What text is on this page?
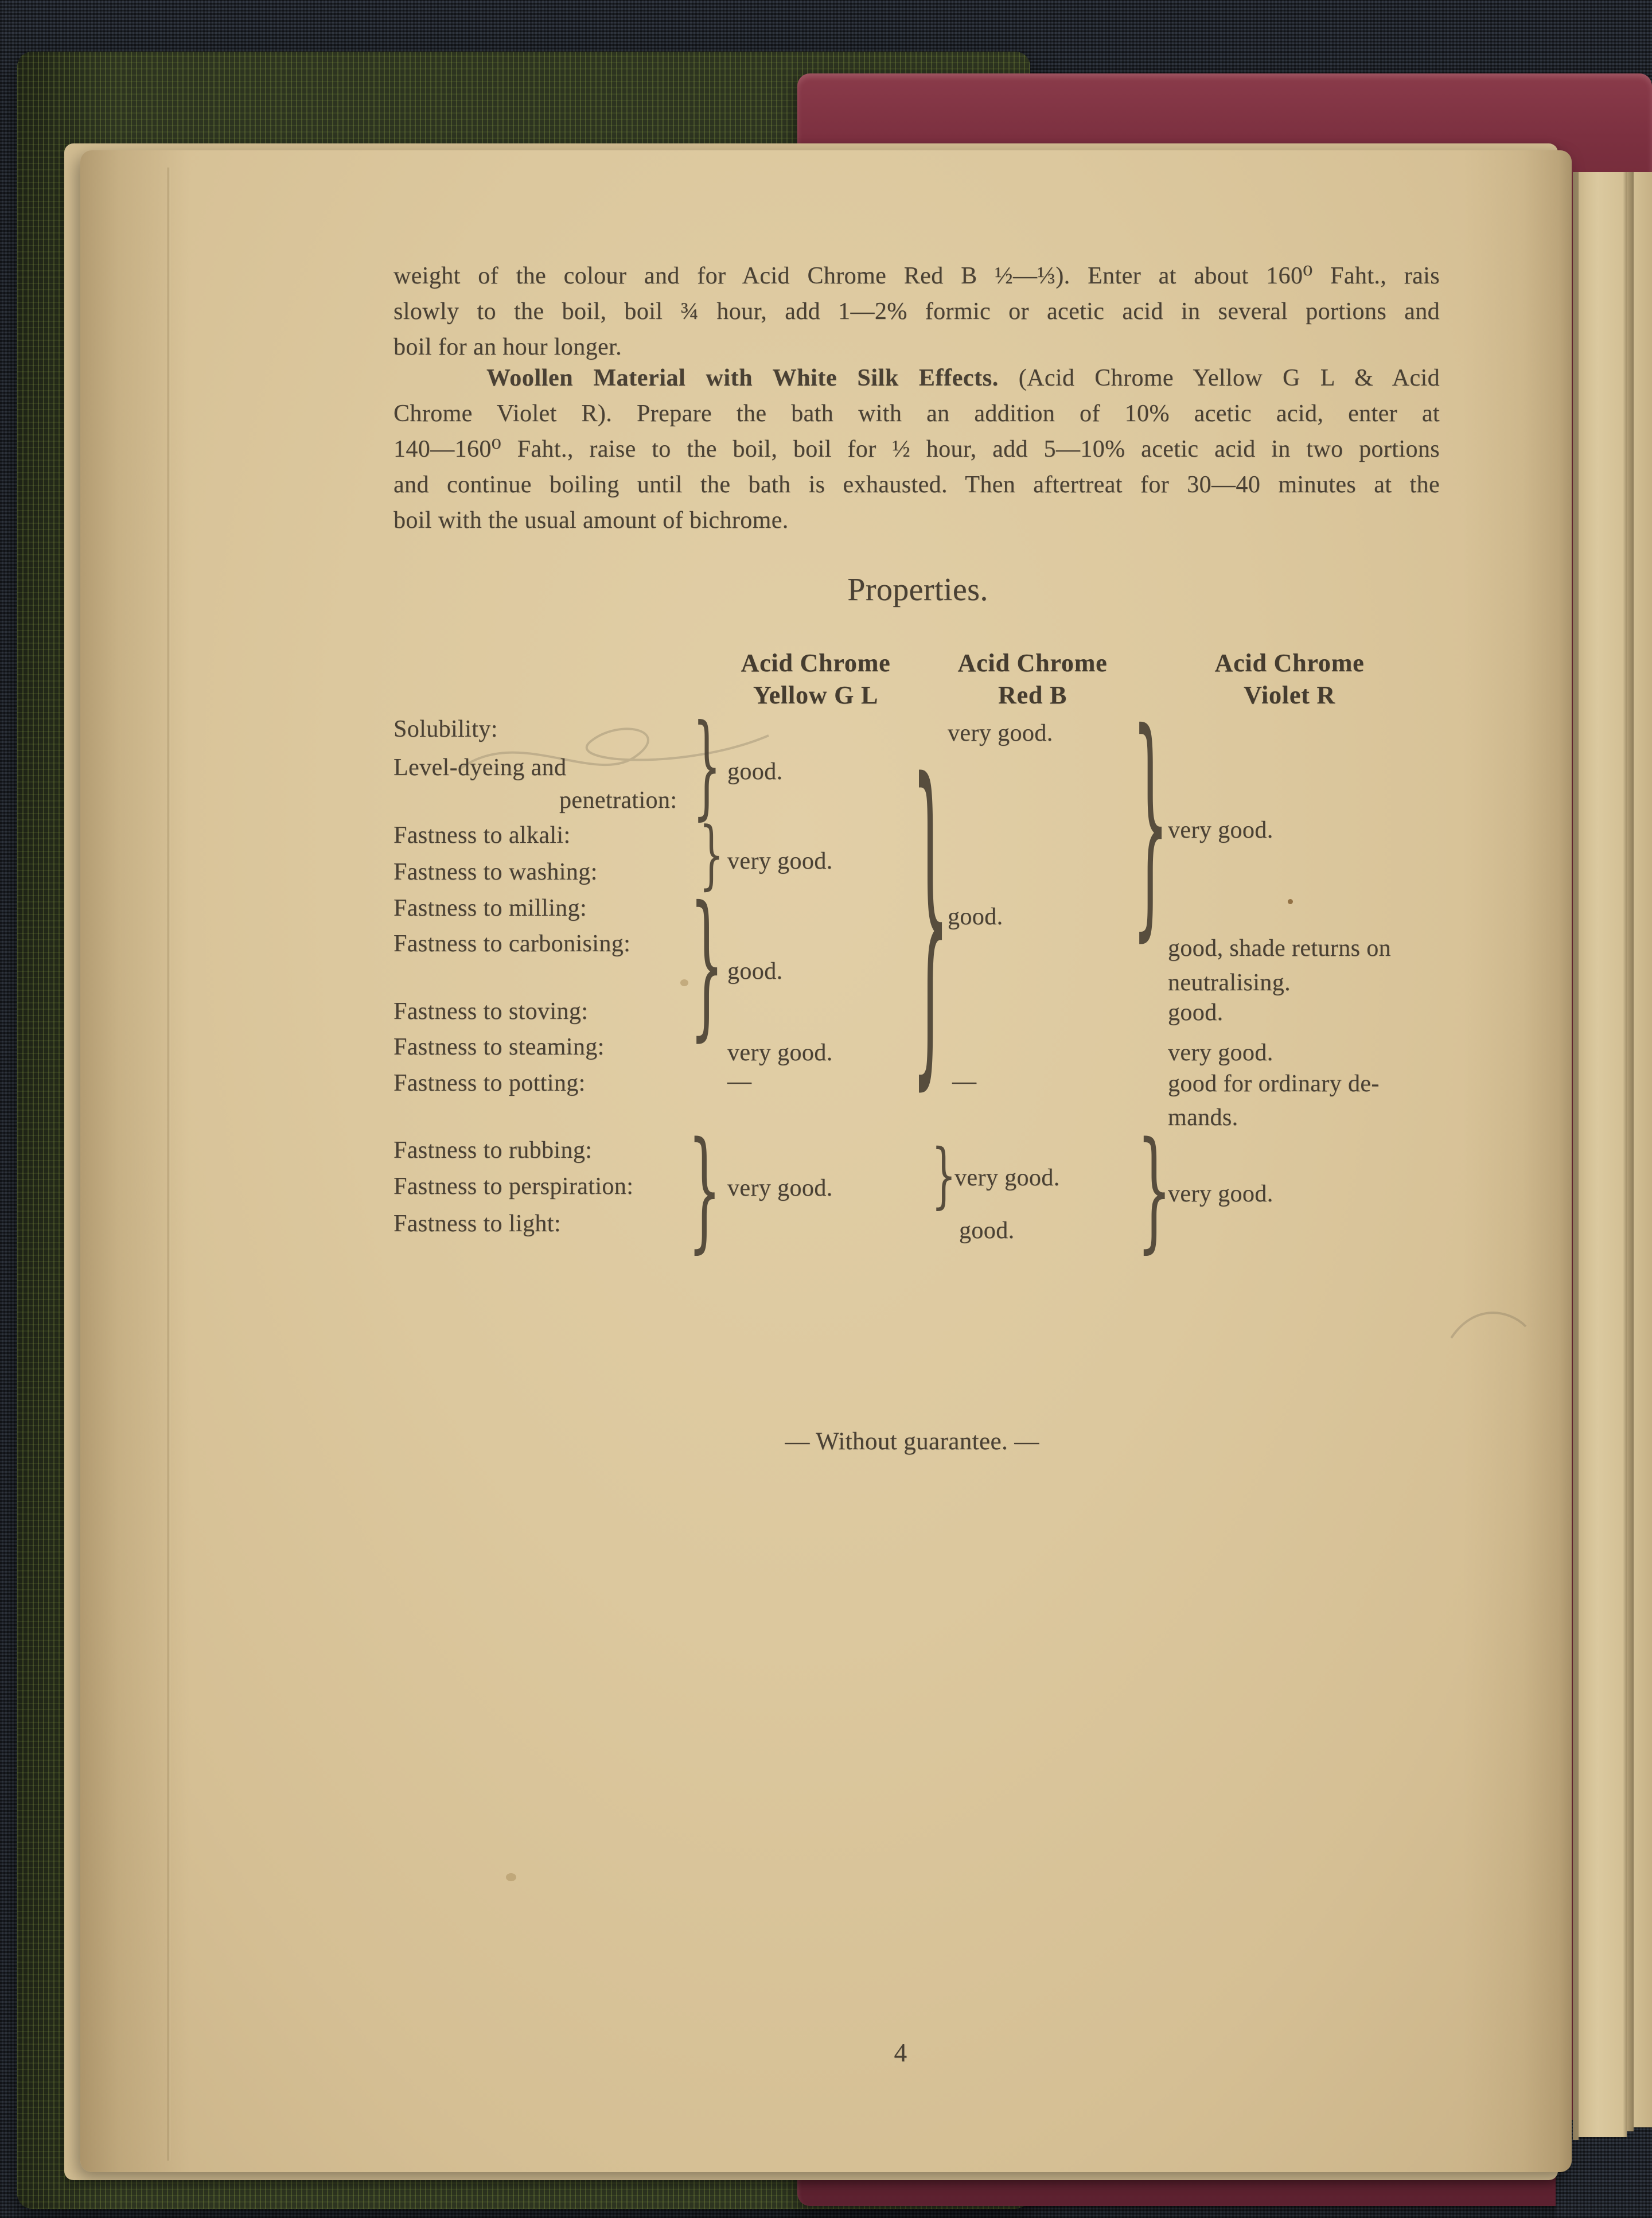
weight of the colour and for Acid Chrome Red B ½—⅓). Enter at about 160⁰ Faht., rais
slowly to the boil, boil ¾ hour, add 1—2% formic or acetic acid in several portions and
boil for an hour longer.
Woollen Material with White Silk Effects. (Acid Chrome Yellow G L & Acid
Chrome Violet R). Prepare the bath with an addition of 10% acetic acid, enter at
140—160⁰ Faht., raise to the boil, boil for ½ hour, add 5—10% acetic acid in two portions
and continue boiling until the bath is exhausted. Then aftertreat for 30—40 minutes at the
boil with the usual amount of bichrome.
Properties.
Acid Chrome
Yellow G L
Acid Chrome
Red B
Acid Chrome
Violet R
Solubility:
Level-dyeing and
penetration:
Fastness to alkali:
Fastness to washing:
Fastness to milling:
Fastness to carbonising:
Fastness to stoving:
Fastness to steaming:
Fastness to potting:
Fastness to rubbing:
Fastness to perspiration:
Fastness to light:
}
}
}
}
}
}
}
}
good.
very good.
good.
very good.
—
very good.
very good.
good.
—
very good.
good.
very good.
good, shade returns on
neutralising.
good.
very good.
good for ordinary de-
mands.
very good.
— Without guarantee. —
4
